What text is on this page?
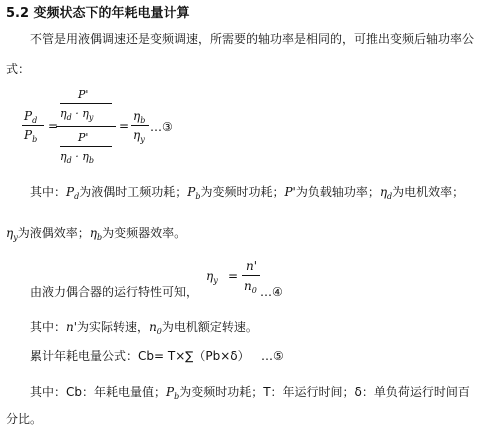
5.2 变频状态下的年耗电量计算
不管是用液偶调速还是变频调速，所需要的轴功率是相同的，可推出变频后轴功率公
式：
$P_d$
$P_b$
=
P'
$\eta_d \cdot \eta_y$
P'
$\eta_d \cdot \eta_b$
=
$\eta_b$
$\eta_y$
…③
其中：$P_d$为液偶时工频功耗；$P_b$为变频时功耗；P'为负载轴功率；$\eta_d$为电机效率；
$\eta_y$为液偶效率；$\eta_b$为变频器效率。
由液力偶合器的运行特性可知，
$\eta_y$ =
n'
$n_0$ …④
其中：n'为实际转速，$n_0$为电机额定转速。
累计年耗电量公式：Cb= T×∑（Pb×δ） …⑤
其中：Cb：年耗电量值；$P_b$为变频时功耗；T：年运行时间；δ：单负荷运行时间百
分比。
